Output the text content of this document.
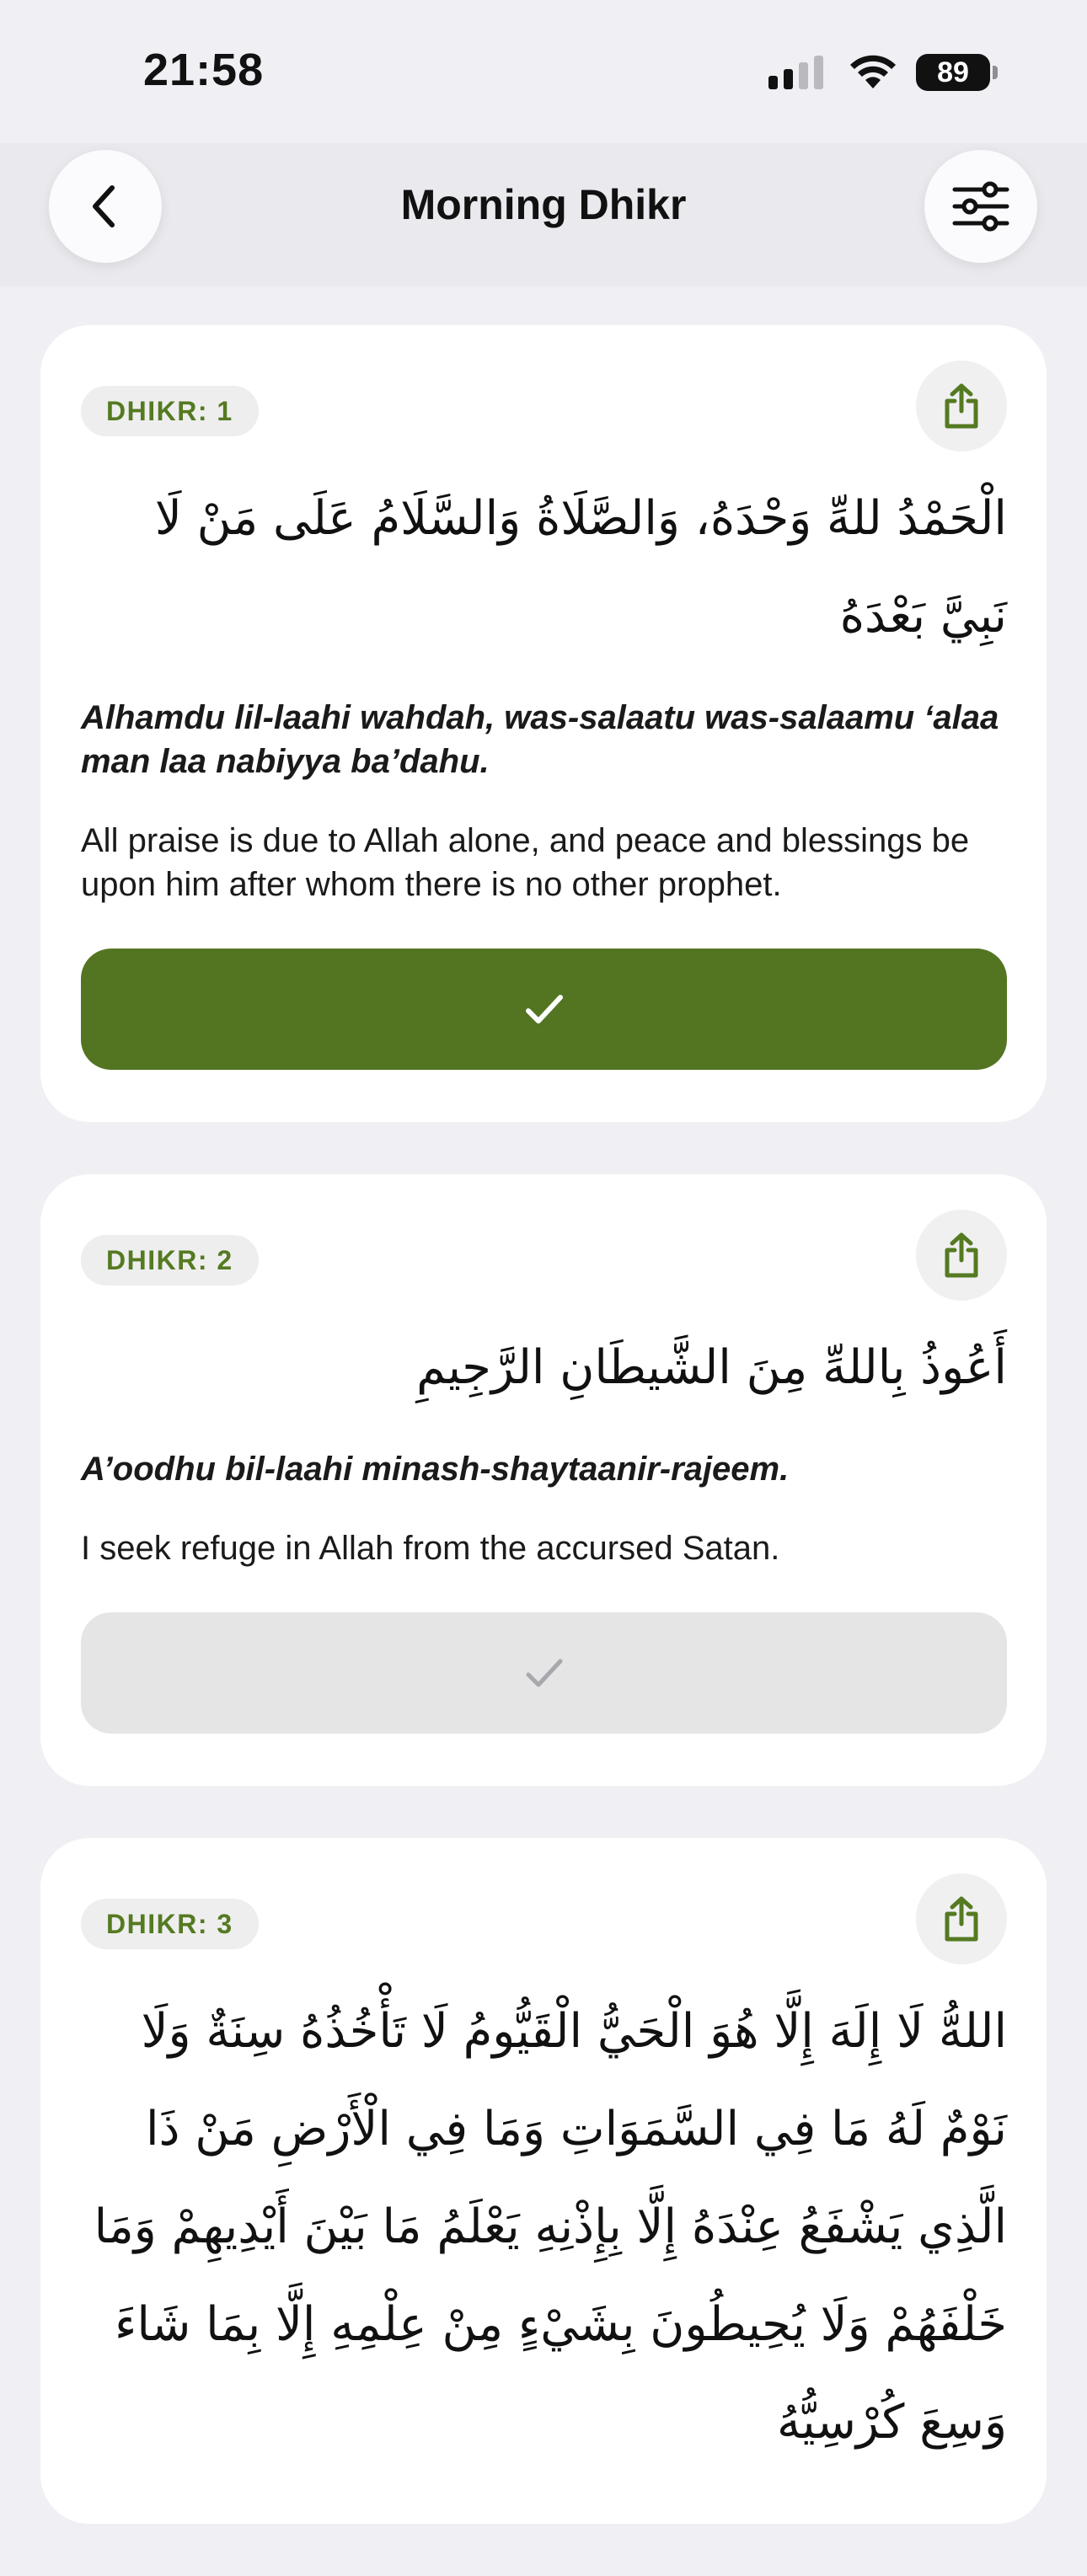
21:58	89
Morning Dhikr
DHIKR: 1
الْحَمْدُ للهِّ وَحْدَهُ، وَالصَّلَاةُ وَالسَّلَامُ عَلَى مَنْ لَا نَبِيَّ بَعْدَهُ
Alhamdu lil-laahi wahdah, was-salaatu was-salaamu ‘alaa man laa nabiyya ba’dahu.
All praise is due to Allah alone, and peace and blessings be upon him after whom there is no other prophet.
DHIKR: 2
أَعُوذُ بِاللهِّ مِنَ الشَّيطَانِ الرَّجِيمِ
A’oodhu bil-laahi minash-shaytaanir-rajeem.
I seek refuge in Allah from the accursed Satan.
DHIKR: 3
اللهُّ لَا إِلَهَ إِلَّا هُوَ الْحَيُّ الْقَيُّومُ لَا تَأْخُذُهُ سِنَةٌ وَلَا نَوْمٌ لَهُ مَا فِي السَّمَوَاتِ وَمَا فِي الْأَرْضِ مَنْ ذَا الَّذِي يَشْفَعُ عِنْدَهُ إِلَّا بِإِذْنِهِ يَعْلَمُ مَا بَيْنَ أَيْدِيهِمْ وَمَا خَلْفَهُمْ وَلَا يُحِيطُونَ بِشَيْءٍ مِنْ عِلْمِهِ إِلَّا بِمَا شَاءَ وَسِعَ كُرْسِيُّهُ
